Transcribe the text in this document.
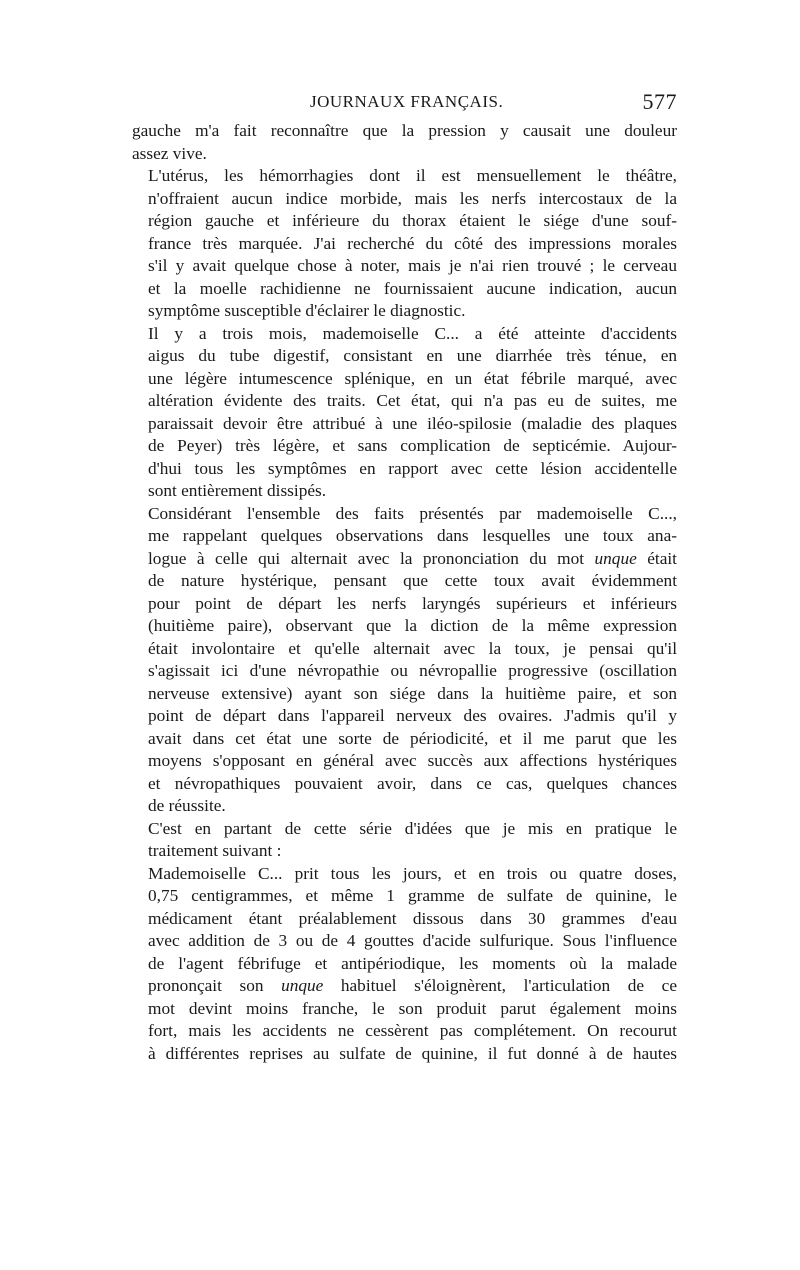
JOURNAUX FRANÇAIS.	577

gauche m'a fait reconnaître que la pression y causait une douleur
assez vive.

L'utérus, les hémorrhagies dont il est mensuellement le théâtre,
n'offraient aucun indice morbide, mais les nerfs intercostaux de la
région gauche et inférieure du thorax étaient le siége d'une souf-
france très marquée. J'ai recherché du côté des impressions morales
s'il y avait quelque chose à noter, mais je n'ai rien trouvé ; le cerveau
et la moelle rachidienne ne fournissaient aucune indication, aucun
symptôme susceptible d'éclairer le diagnostic.

Il y a trois mois, mademoiselle C... a été atteinte d'accidents
aigus du tube digestif, consistant en une diarrhée très ténue, en
une légère intumescence splénique, en un état fébrile marqué, avec
altération évidente des traits. Cet état, qui n'a pas eu de suites, me
paraissait devoir être attribué à une iléo-spilosie (maladie des plaques
de Peyer) très légère, et sans complication de septicémie. Aujour-
d'hui tous les symptômes en rapport avec cette lésion accidentelle
sont entièrement dissipés.

Considérant l'ensemble des faits présentés par mademoiselle C...,
me rappelant quelques observations dans lesquelles une toux ana-
logue à celle qui alternait avec la prononciation du mot unque était
de nature hystérique, pensant que cette toux avait évidemment
pour point de départ les nerfs laryngés supérieurs et inférieurs
(huitième paire), observant que la diction de la même expression
était involontaire et qu'elle alternait avec la toux, je pensai qu'il
s'agissait ici d'une névropathie ou névropallie progressive (oscillation
nerveuse extensive) ayant son siége dans la huitième paire, et son
point de départ dans l'appareil nerveux des ovaires. J'admis qu'il y
avait dans cet état une sorte de périodicité, et il me parut que les
moyens s'opposant en général avec succès aux affections hystériques
et névropathiques pouvaient avoir, dans ce cas, quelques chances
de réussite.

C'est en partant de cette série d'idées que je mis en pratique le
traitement suivant :

Mademoiselle C... prit tous les jours, et en trois ou quatre doses,
0,75 centigrammes, et même 1 gramme de sulfate de quinine, le
médicament étant préalablement dissous dans 30 grammes d'eau
avec addition de 3 ou de 4 gouttes d'acide sulfurique. Sous l'influence
de l'agent fébrifuge et antipériodique, les moments où la malade
prononçait son unque habituel s'éloignèrent, l'articulation de ce
mot devint moins franche, le son produit parut également moins
fort, mais les accidents ne cessèrent pas complétement. On recourut
à différentes reprises au sulfate de quinine, il fut donné à de hautes
